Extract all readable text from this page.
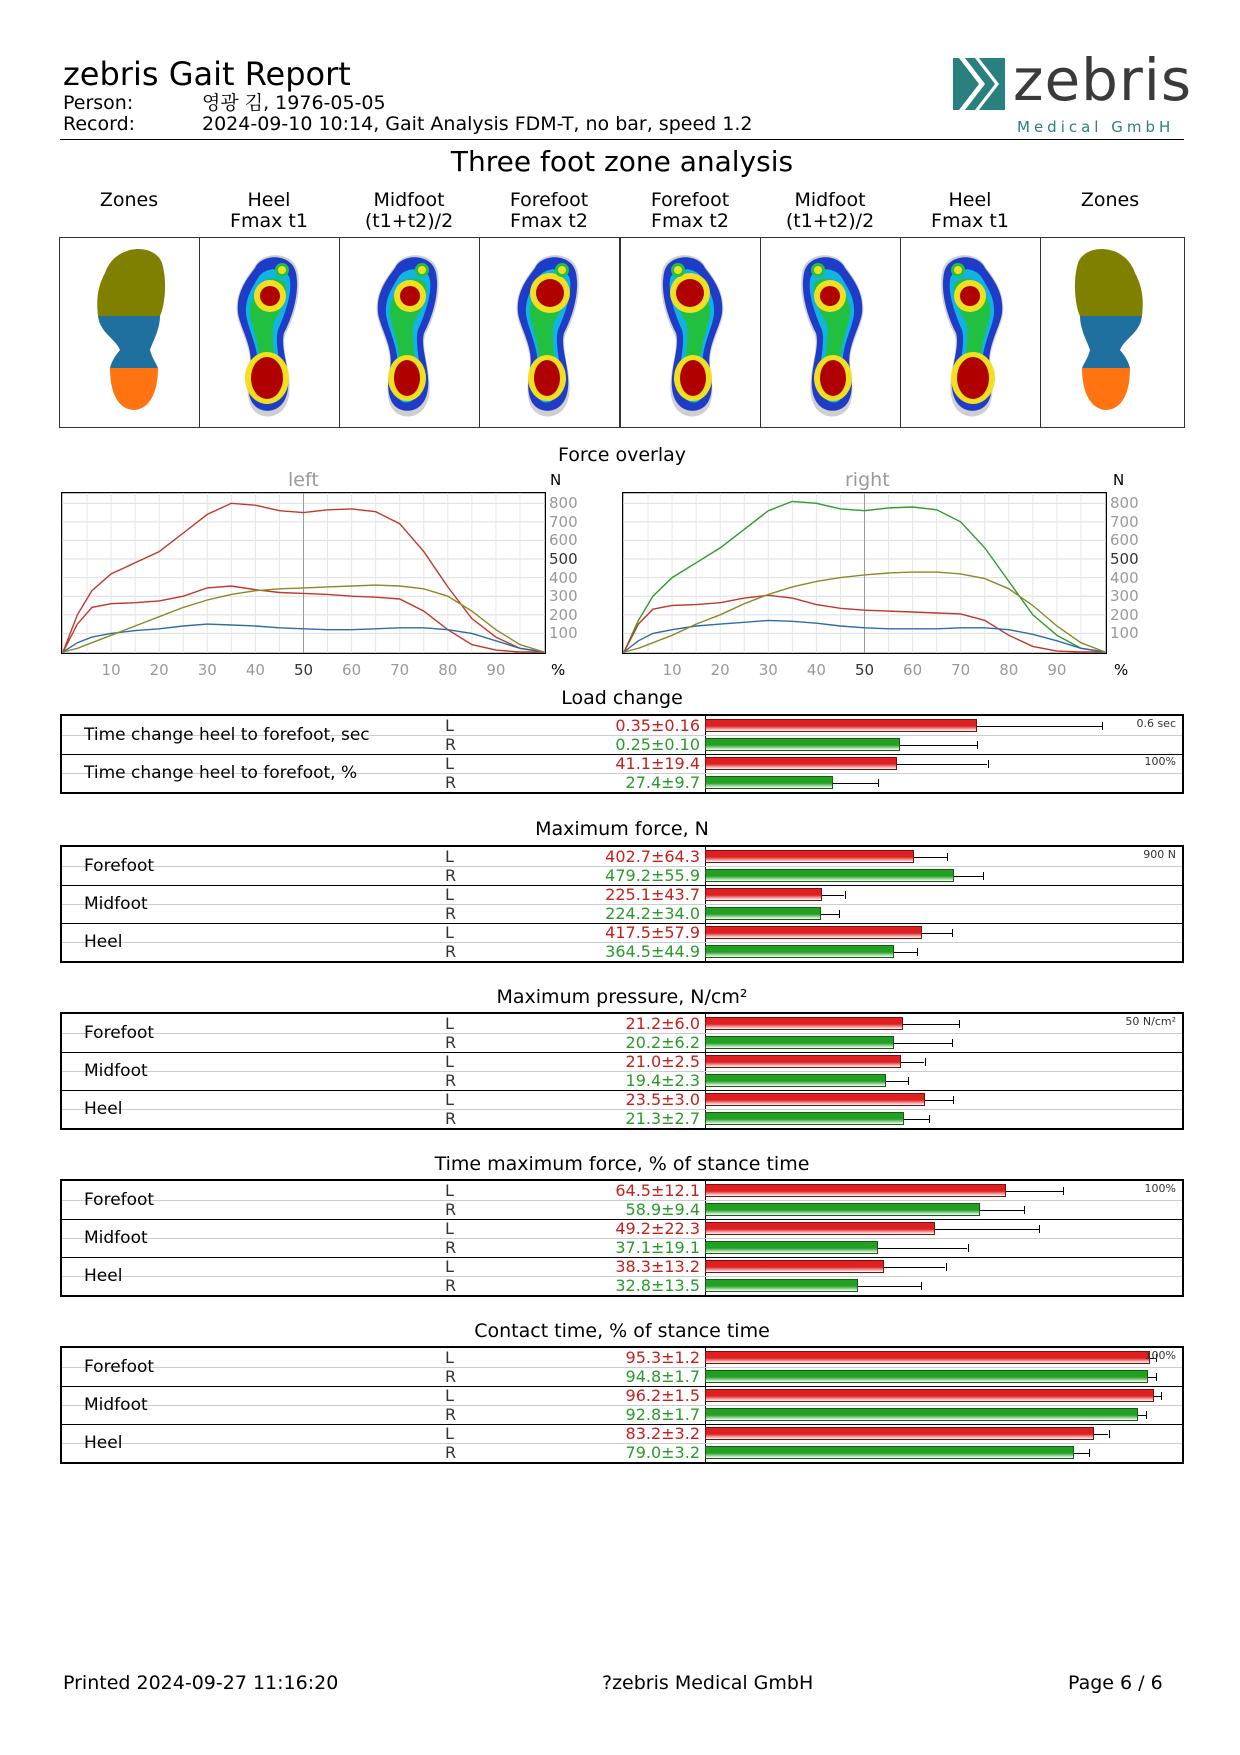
zebris Gait Report
Person:	영광 김, 1976-05-05
Record:	2024-09-10 10:14, Gait Analysis FDM-T, no bar, speed 1.2
zebris
Medical GmbH
Three foot zone analysis
Zones	Heel
Fmax t1
Midfoot
(t1+t2)/2
Forefoot
Fmax t2
Forefoot
Fmax t2
Midfoot
(t1+t2)/2
Heel
Fmax t1
Zones
Force overlay
left	right
N	N
%	%
10	20	30	40	50	60	70	80	90
800
700
600
500
400
300
200
100
10	20	30	40	50	60	70	80	90
800
700
600
500
400
300
200
100
Load change
Time change heel to forefoot, sec	L	0.35±0.16
R	0.25±0.10
Time change heel to forefoot, %	L	41.1±19.4
R	27.4±9.7
0.6 sec
100%
Maximum force, N
Forefoot	L	402.7±64.3
R	479.2±55.9
Midfoot	L	225.1±43.7
R	224.2±34.0
Heel	L	417.5±57.9
R	364.5±44.9
900 N
Maximum pressure, N/cm²
Forefoot	L	21.2±6.0
R	20.2±6.2
Midfoot	L	21.0±2.5
R	19.4±2.3
Heel	L	23.5±3.0
R	21.3±2.7
50 N/cm²
Time maximum force, % of stance time
Forefoot	L	64.5±12.1
R	58.9±9.4
Midfoot	L	49.2±22.3
R	37.1±19.1
Heel	L	38.3±13.2
R	32.8±13.5
100%
Contact time, % of stance time
Forefoot	L	95.3±1.2
R	94.8±1.7
Midfoot	L	96.2±1.5
R	92.8±1.7
Heel	L	83.2±3.2
R	79.0±3.2
100%
Printed 2024-09-27 11:16:20	?zebris Medical GmbH	Page 6 / 6
